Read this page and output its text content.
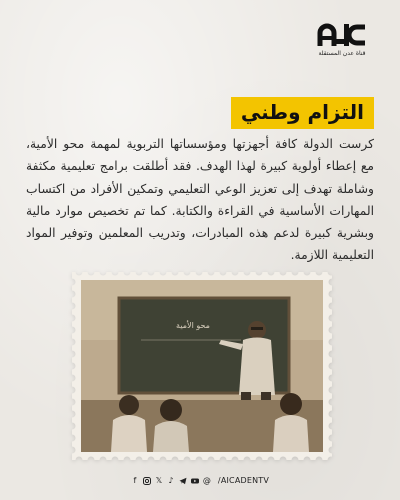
قناة عدن المستقلة
التزام وطني
كرست الدولة كافة أجهزتها ومؤسساتها التربوية لمهمة محو الأمية، مع إعطاء أولوية كبيرة لهذا الهدف. فقد أطلقت برامج تعليمية مكثفة وشاملة تهدف إلى تعزيز الوعي التعليمي وتمكين الأفراد من اكتساب المهارات الأساسية في القراءة والكتابة. كما تم تخصيص موارد مالية وبشرية كبيرة لدعم هذه المبادرات، وتدريب المعلمين وتوفير المواد التعليمية اللازمة.
محو الأمية
f	𝕏 ♪	@ /AICADENTV
